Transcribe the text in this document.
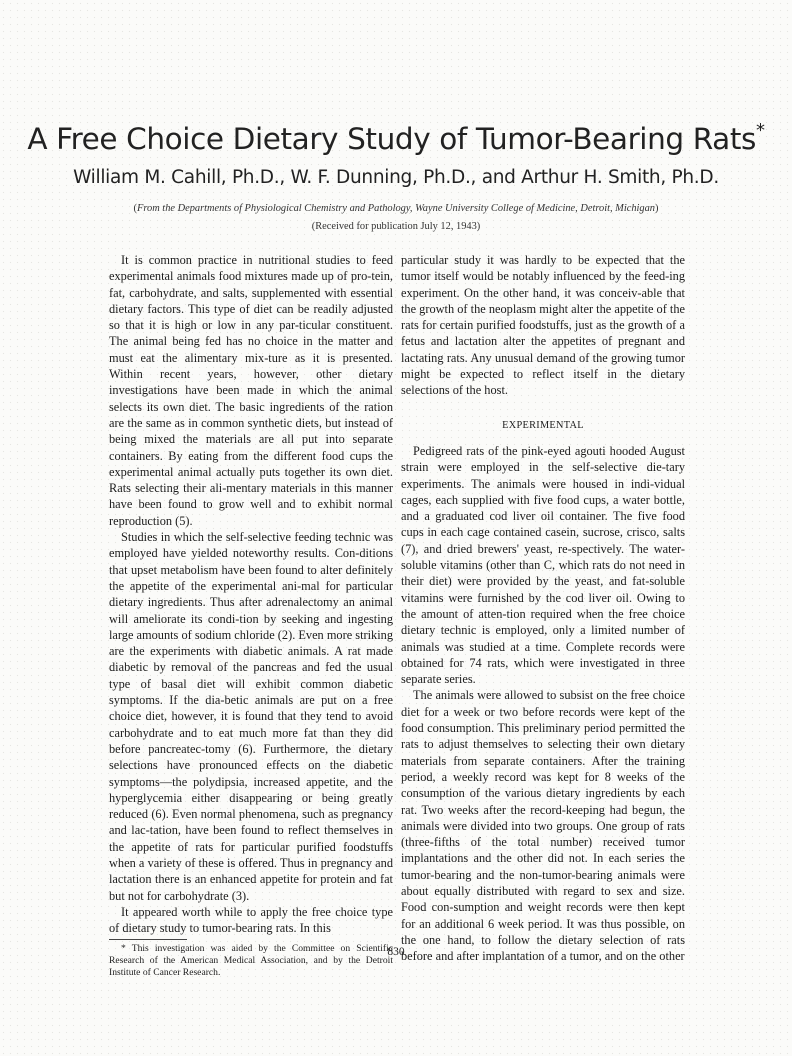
A Free Choice Dietary Study of Tumor-Bearing Rats*

William M. Cahill, Ph.D., W. F. Dunning, Ph.D., and Arthur H. Smith, Ph.D.

(From the Departments of Physiological Chemistry and Pathology, Wayne University College of Medicine, Detroit, Michigan)
(Received for publication July 12, 1943)

It is common practice in nutritional studies to feed experimental animals food mixtures made up of pro-tein, fat, carbohydrate, and salts, supplemented with essential dietary factors. This type of diet can be readily adjusted so that it is high or low in any par-ticular constituent. The animal being fed has no choice in the matter and must eat the alimentary mix-ture as it is presented. Within recent years, however, other dietary investigations have been made in which the animal selects its own diet. The basic ingredients of the ration are the same as in common synthetic diets, but instead of being mixed the materials are all put into separate containers. By eating from the different food cups the experimental animal actually puts together its own diet. Rats selecting their ali-mentary materials in this manner have been found to grow well and to exhibit normal reproduction (5).

Studies in which the self-selective feeding technic was employed have yielded noteworthy results. Con-ditions that upset metabolism have been found to alter definitely the appetite of the experimental ani-mal for particular dietary ingredients. Thus after adrenalectomy an animal will ameliorate its condi-tion by seeking and ingesting large amounts of sodium chloride (2). Even more striking are the experiments with diabetic animals. A rat made diabetic by removal of the pancreas and fed the usual type of basal diet will exhibit common diabetic symptoms. If the dia-betic animals are put on a free choice diet, however, it is found that they tend to avoid carbohydrate and to eat much more fat than they did before pancreatec-tomy (6). Furthermore, the dietary selections have pronounced effects on the diabetic symptoms—the polydipsia, increased appetite, and the hyperglycemia either disappearing or being greatly reduced (6). Even normal phenomena, such as pregnancy and lac-tation, have been found to reflect themselves in the appetite of rats for particular purified foodstuffs when a variety of these is offered. Thus in pregnancy and lactation there is an enhanced appetite for protein and fat but not for carbohydrate (3).

It appeared worth while to apply the free choice type of dietary study to tumor-bearing rats. In this

* This investigation was aided by the Committee on Scientific Research of the American Medical Association, and by the Detroit Institute of Cancer Research.

particular study it was hardly to be expected that the tumor itself would be notably influenced by the feed-ing experiment. On the other hand, it was conceiv-able that the growth of the neoplasm might alter the appetite of the rats for certain purified foodstuffs, just as the growth of a fetus and lactation alter the appetites of pregnant and lactating rats. Any unusual demand of the growing tumor might be expected to reflect itself in the dietary selections of the host.

EXPERIMENTAL

Pedigreed rats of the pink-eyed agouti hooded August strain were employed in the self-selective die-tary experiments. The animals were housed in indi-vidual cages, each supplied with five food cups, a water bottle, and a graduated cod liver oil container. The five food cups in each cage contained casein, sucrose, crisco, salts (7), and dried brewers' yeast, re-spectively. The water-soluble vitamins (other than C, which rats do not need in their diet) were provided by the yeast, and fat-soluble vitamins were furnished by the cod liver oil. Owing to the amount of atten-tion required when the free choice dietary technic is employed, only a limited number of animals was studied at a time. Complete records were obtained for 74 rats, which were investigated in three separate series.

The animals were allowed to subsist on the free choice diet for a week or two before records were kept of the food consumption. This preliminary period permitted the rats to adjust themselves to selecting their own dietary materials from separate containers. After the training period, a weekly record was kept for 8 weeks of the consumption of the various dietary ingredients by each rat. Two weeks after the record-keeping had begun, the animals were divided into two groups. One group of rats (three-fifths of the total number) received tumor implantations and the other did not. In each series the tumor-bearing and the non-tumor-bearing animals were about equally distributed with regard to sex and size. Food con-sumption and weight records were then kept for an additional 6 week period. It was thus possible, on the one hand, to follow the dietary selection of rats before and after implantation of a tumor, and on the other

830
